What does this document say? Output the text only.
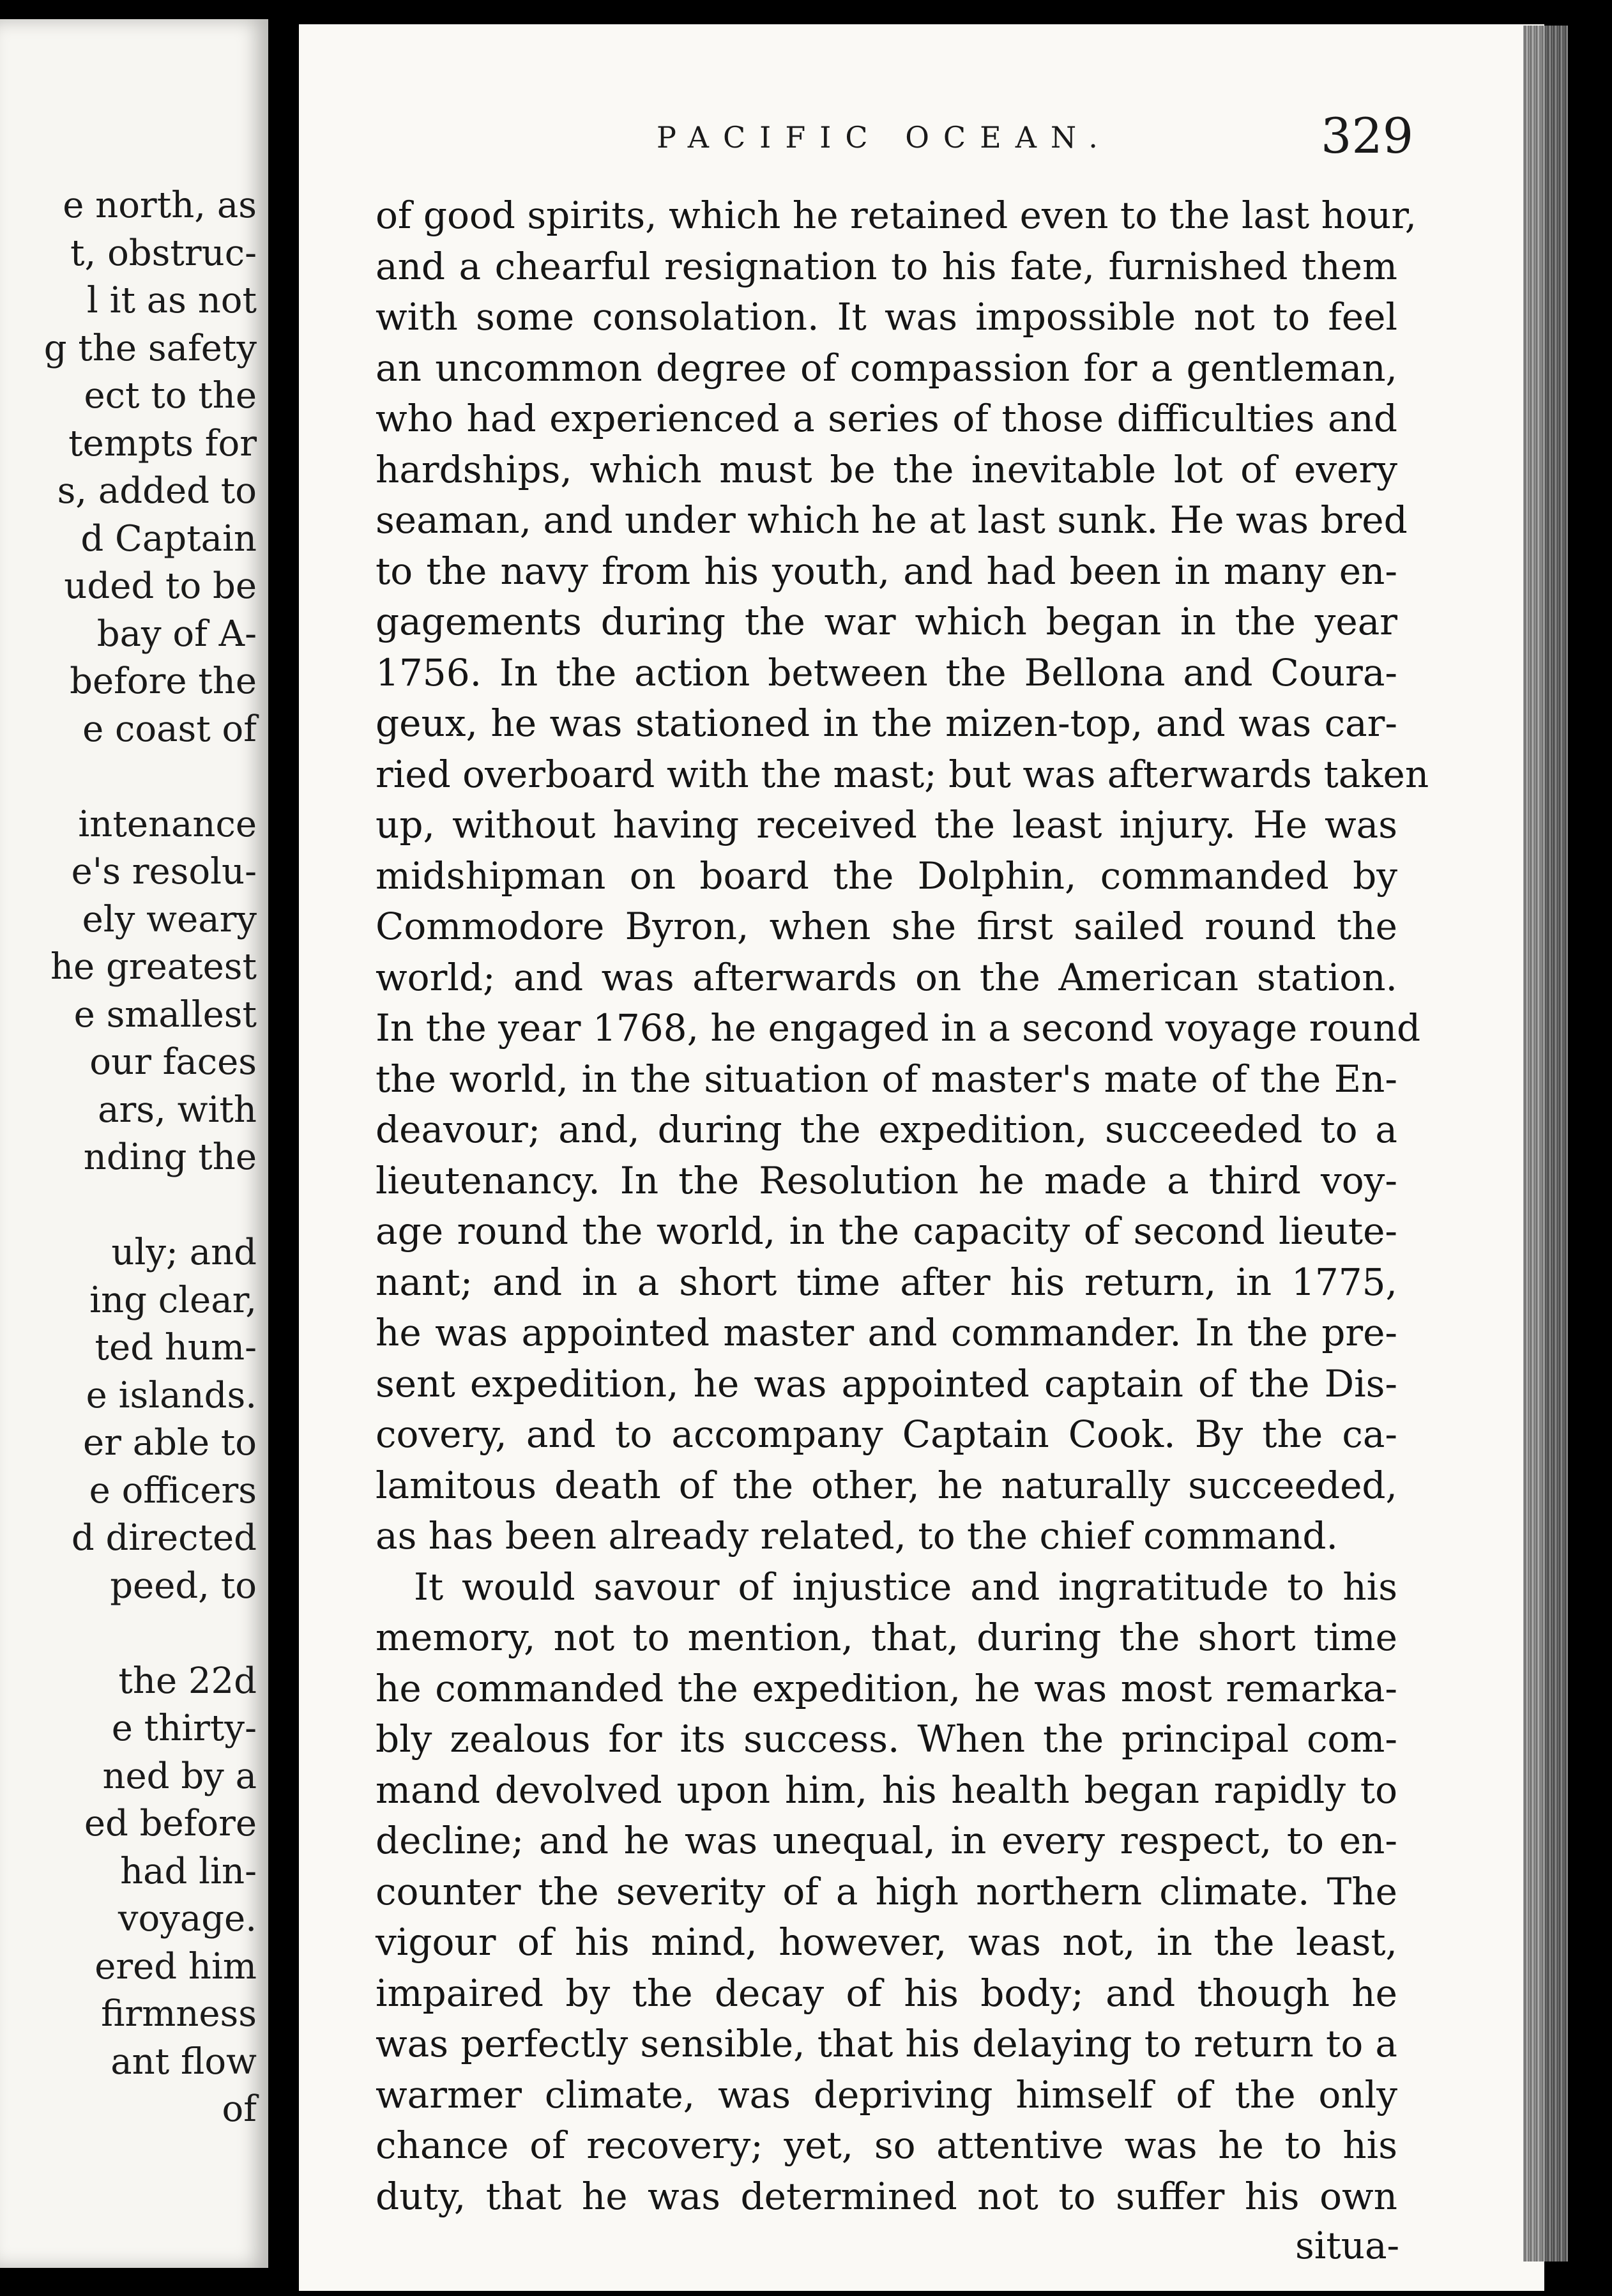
e north, as
t, obstruc-
l it as not
g the safety
ect to the
tempts for
s, added to
d Captain
uded to be
bay of A-
before the
e coast of
intenance
e's resolu-
ely weary
he greatest
e smallest
our faces
ars, with
nding the
uly; and
ing clear,
ted hum-
e islands.
er able to
e officers
d directed
peed, to
the 22d
e thirty-
ned by a
ed before
had lin-
voyage.
ered him
firmness
ant flow
of
PACIFIC OCEAN.	329
of good spirits, which he retained even to the last hour,
and a chearful resignation to his fate, furnished them
with some consolation. It was impossible not to feel
an uncommon degree of compassion for a gentleman,
who had experienced a series of those difficulties and
hardships, which must be the inevitable lot of every
seaman, and under which he at last sunk. He was bred
to the navy from his youth, and had been in many en-
gagements during the war which began in the year
1756. In the action between the Bellona and Coura-
geux, he was stationed in the mizen-top, and was car-
ried overboard with the mast; but was afterwards taken
up, without having received the least injury. He was
midshipman on board the Dolphin, commanded by
Commodore Byron, when she first sailed round the
world; and was afterwards on the American station.
In the year 1768, he engaged in a second voyage round
the world, in the situation of master's mate of the En-
deavour; and, during the expedition, succeeded to a
lieutenancy. In the Resolution he made a third voy-
age round the world, in the capacity of second lieute-
nant; and in a short time after his return, in 1775,
he was appointed master and commander. In the pre-
sent expedition, he was appointed captain of the Dis-
covery, and to accompany Captain Cook. By the ca-
lamitous death of the other, he naturally succeeded,
as has been already related, to the chief command.
It would savour of injustice and ingratitude to his
memory, not to mention, that, during the short time
he commanded the expedition, he was most remarka-
bly zealous for its success. When the principal com-
mand devolved upon him, his health began rapidly to
decline; and he was unequal, in every respect, to en-
counter the severity of a high northern climate. The
vigour of his mind, however, was not, in the least,
impaired by the decay of his body; and though he
was perfectly sensible, that his delaying to return to a
warmer climate, was depriving himself of the only
chance of recovery; yet, so attentive was he to his
duty, that he was determined not to suffer his own
situa-
